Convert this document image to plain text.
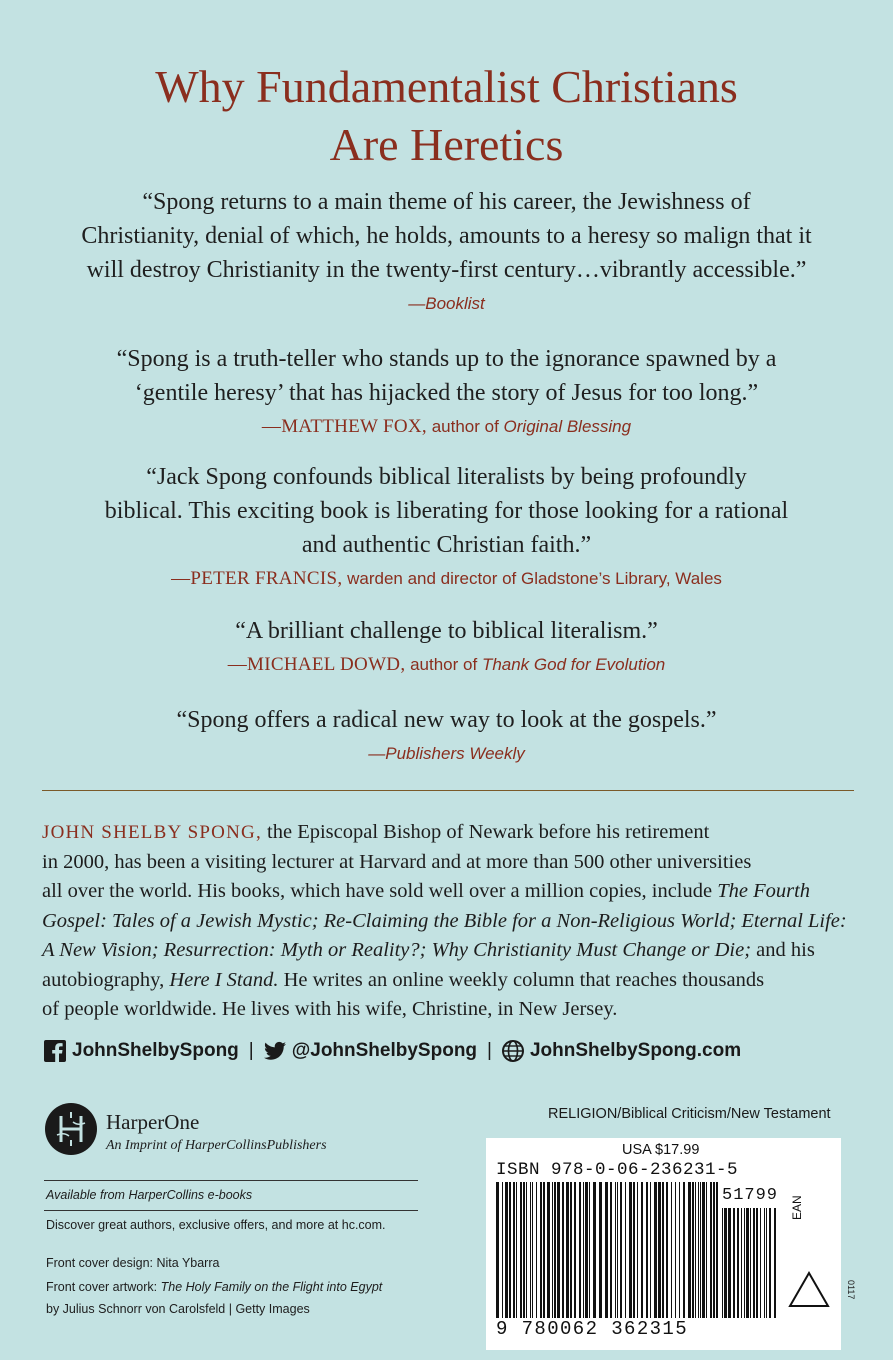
Why Fundamentalist Christians
Are Heretics
“Spong returns to a main theme of his career, the Jewishness of
Christianity, denial of which, he holds, amounts to a heresy so malign that it
will destroy Christianity in the twenty-first century…vibrantly accessible.”
—Booklist
“Spong is a truth-teller who stands up to the ignorance spawned by a
‘gentile heresy’ that has hijacked the story of Jesus for too long.”
—MATTHEW FOX, author of Original Blessing
“Jack Spong confounds biblical literalists by being profoundly
biblical. This exciting book is liberating for those looking for a rational
and authentic Christian faith.”
—PETER FRANCIS, warden and director of Gladstone’s Library, Wales
“A brilliant challenge to biblical literalism.”
—MICHAEL DOWD, author of Thank God for Evolution
“Spong offers a radical new way to look at the gospels.”
—Publishers Weekly
JOHN SHELBY SPONG, the Episcopal Bishop of Newark before his retirement
in 2000, has been a visiting lecturer at Harvard and at more than 500 other universities
all over the world. His books, which have sold well over a million copies, include The Fourth
Gospel: Tales of a Jewish Mystic; Re-Claiming the Bible for a Non-Religious World; Eternal Life:
A New Vision; Resurrection: Myth or Reality?; Why Christianity Must Change or Die; and his
autobiography, Here I Stand. He writes an online weekly column that reaches thousands
of people worldwide. He lives with his wife, Christine, in New Jersey.
JohnShelbySpong | @JohnShelbySpong | JohnShelbySpong.com
HarperOne
An Imprint of HarperCollinsPublishers
Available from HarperCollins e-books
Discover great authors, exclusive offers, and more at hc.com.
Front cover design: Nita Ybarra
Front cover artwork: The Holy Family on the Flight into Egypt
by Julius Schnorr von Carolsfeld | Getty Images
RELIGION/Biblical Criticism/New Testament
USA $17.99
ISBN 978-0-06-236231-5
51799 EAN
9 780062 362315
0117
